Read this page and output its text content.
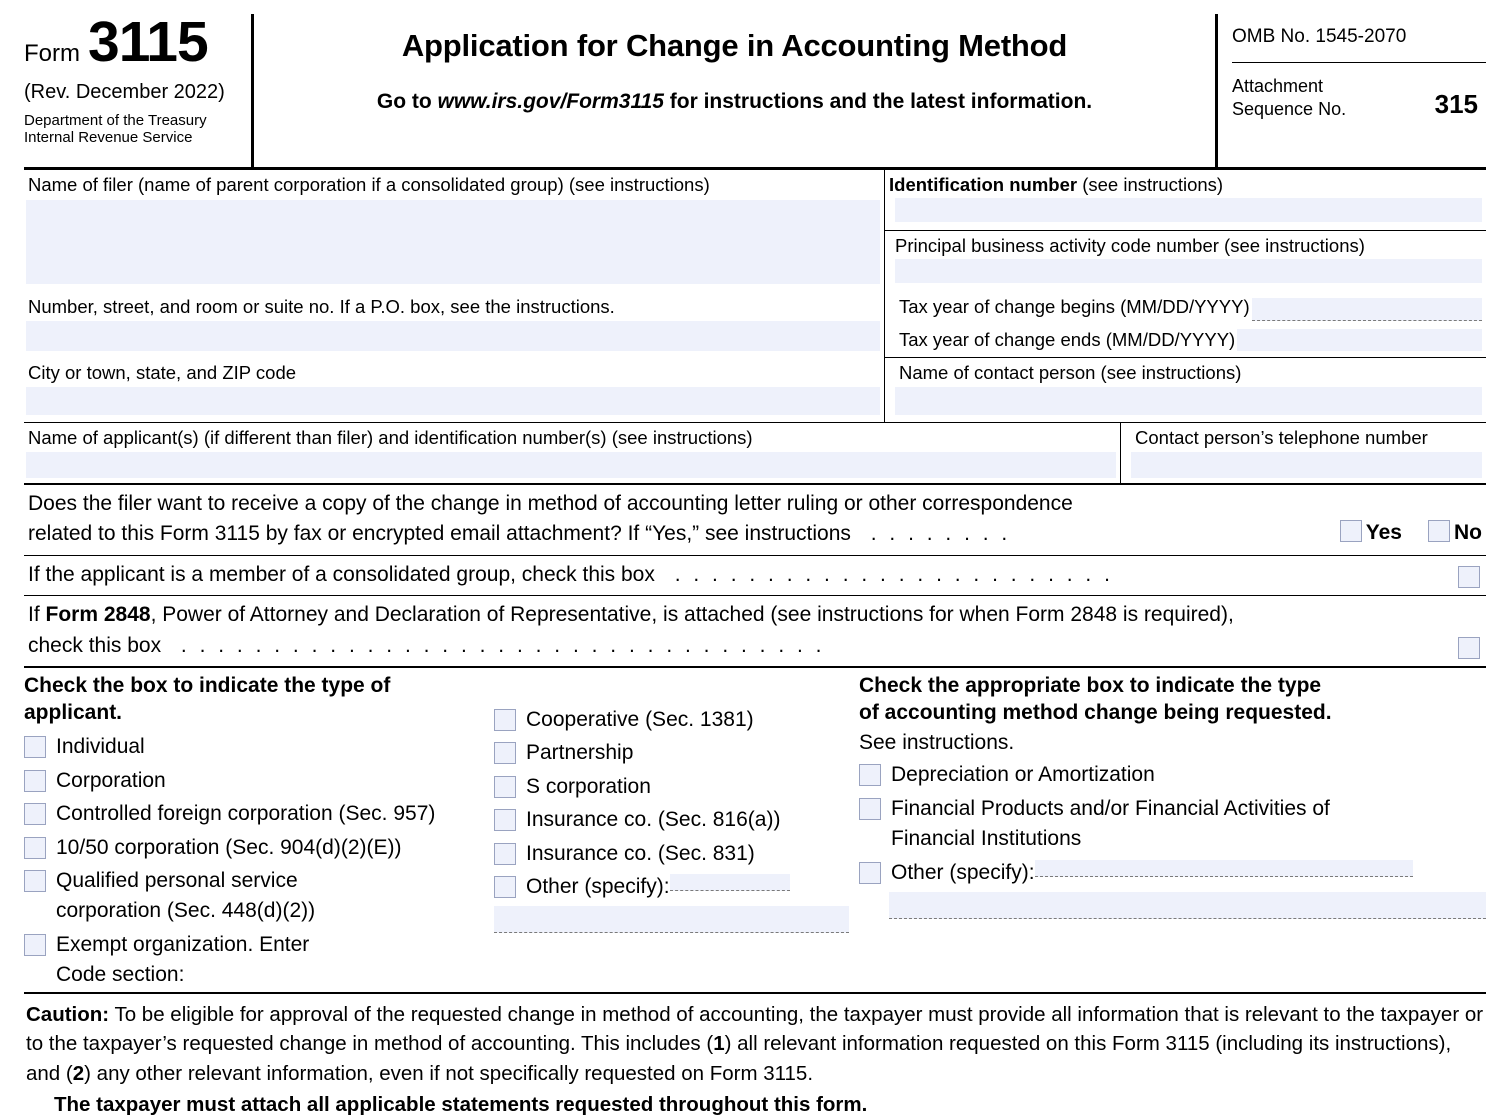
Form 3115
(Rev. December 2022)
Department of the Treasury
Internal Revenue Service
Application for Change in Accounting Method
Go to www.irs.gov/Form3115 for instructions and the latest information.
OMB No. 1545-2070
Attachment
Sequence No.	315
Name of filer (name of parent corporation if a consolidated group) (see instructions)	Identification number (see instructions)
Principal business activity code number (see instructions)
Number, street, and room or suite no. If a P.O. box, see the instructions.	Tax year of change begins (MM/DD/YYYY)
Tax year of change ends (MM/DD/YYYY)
City or town, state, and ZIP code	Name of contact person (see instructions)
Name of applicant(s) (if different than filer) and identification number(s) (see instructions)	Contact person’s telephone number
Does the filer want to receive a copy of the change in method of accounting letter ruling or other correspondence
related to this Form 3115 by fax or encrypted email attachment? If “Yes,” see instructions . . . . . . . .	Yes No
If the applicant is a member of a consolidated group, check this box . . . . . . . . . . . . . . . . . . . . . . . .
If Form 2848, Power of Attorney and Declaration of Representative, is attached (see instructions for when Form 2848 is required),
check this box . . . . . . . . . . . . . . . . . . . . . . . . . . . . . . . . . . .
Check the box to indicate the type of applicant.
Individual
Corporation
Controlled foreign corporation (Sec. 957)
10/50 corporation (Sec. 904(d)(2)(E))
Qualified personal service corporation (Sec. 448(d)(2))
Exempt organization. Enter Code section:
Cooperative (Sec. 1381)
Partnership
S corporation
Insurance co. (Sec. 816(a))
Insurance co. (Sec. 831)
Other (specify):
Check the appropriate box to indicate the type
of accounting method change being requested.
See instructions.
Depreciation or Amortization
Financial Products and/or Financial Activities of Financial Institutions
Other (specify):
Caution: To be eligible for approval of the requested change in method of accounting, the taxpayer must provide all information that is relevant to the taxpayer or to the taxpayer’s requested change in method of accounting. This includes (1) all relevant information requested on this Form 3115 (including its instructions), and (2) any other relevant information, even if not specifically requested on Form 3115.
The taxpayer must attach all applicable statements requested throughout this form.
